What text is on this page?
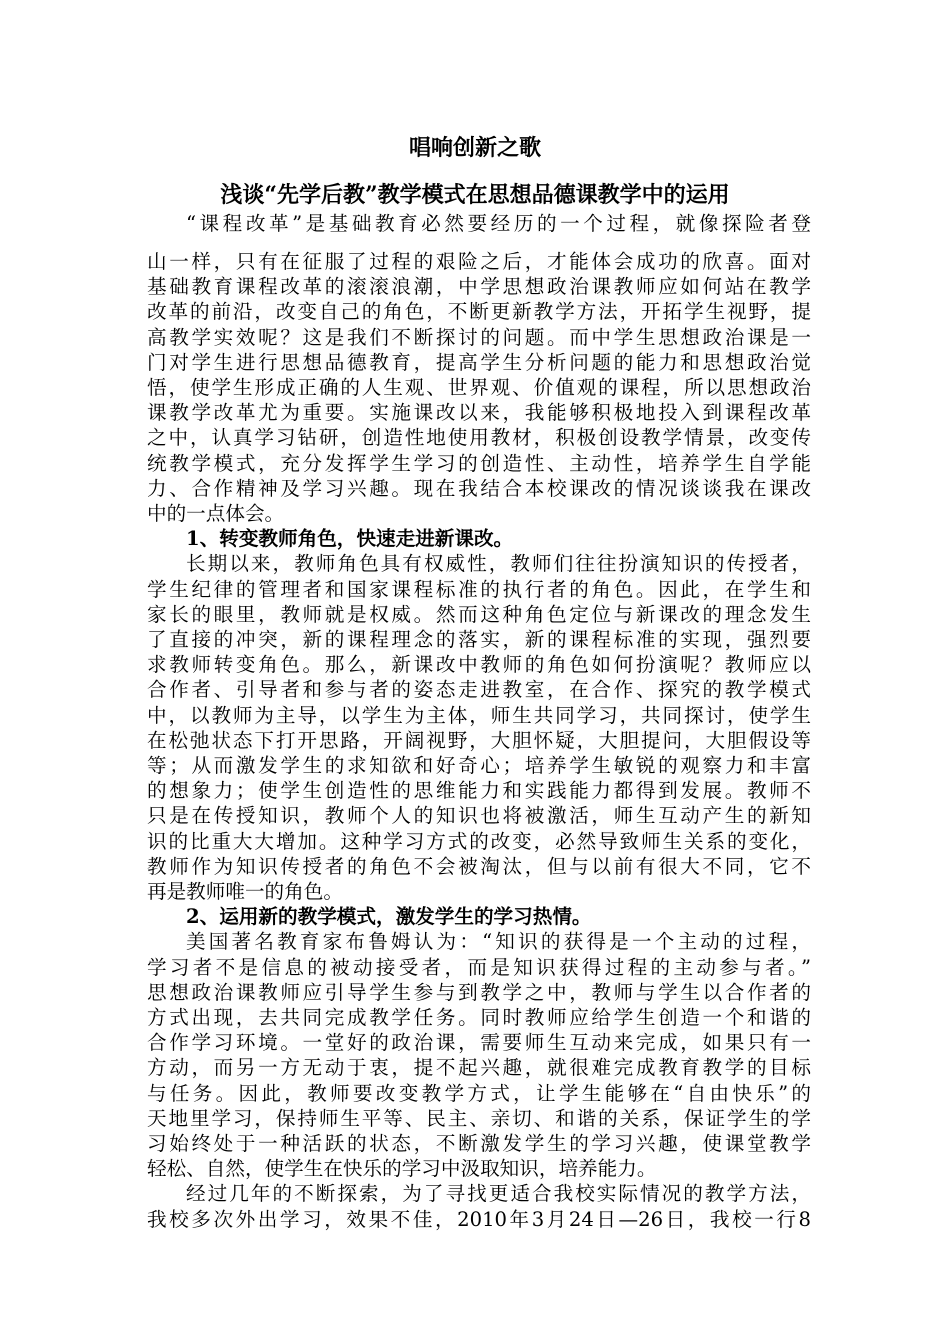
唱响创新之歌
浅谈“先学后教”教学模式在思想品德课教学中的运用
“课程改革”是基础教育必然要经历的一个过程，就像探险者登
山一样，只有在征服了过程的艰险之后，才能体会成功的欣喜。面对
基础教育课程改革的滚滚浪潮，中学思想政治课教师应如何站在教学
改革的前沿，改变自己的角色，不断更新教学方法，开拓学生视野，提
高教学实效呢？这是我们不断探讨的问题。而中学生思想政治课是一
门对学生进行思想品德教育，提高学生分析问题的能力和思想政治觉
悟，使学生形成正确的人生观、世界观、价值观的课程，所以思想政治
课教学改革尤为重要。实施课改以来，我能够积极地投入到课程改革
之中，认真学习钻研，创造性地使用教材，积极创设教学情景，改变传
统教学模式，充分发挥学生学习的创造性、主动性，培养学生自学能
力、合作精神及学习兴趣。现在我结合本校课改的情况谈谈我在课改
中的一点体会。
1、转变教师角色，快速走进新课改。
长期以来，教师角色具有权威性，教师们往往扮演知识的传授者，
学生纪律的管理者和国家课程标准的执行者的角色。因此，在学生和
家长的眼里，教师就是权威。然而这种角色定位与新课改的理念发生
了直接的冲突，新的课程理念的落实，新的课程标准的实现，强烈要
求教师转变角色。那么，新课改中教师的角色如何扮演呢？教师应以
合作者、引导者和参与者的姿态走进教室，在合作、探究的教学模式
中，以教师为主导，以学生为主体，师生共同学习，共同探讨，使学生
在松弛状态下打开思路，开阔视野，大胆怀疑，大胆提问，大胆假设等
等；从而激发学生的求知欲和好奇心；培养学生敏锐的观察力和丰富
的想象力；使学生创造性的思维能力和实践能力都得到发展。教师不
只是在传授知识，教师个人的知识也将被激活，师生互动产生的新知
识的比重大大增加。这种学习方式的改变，必然导致师生关系的变化，
教师作为知识传授者的角色不会被淘汰，但与以前有很大不同，它不
再是教师唯一的角色。
2、运用新的教学模式，激发学生的学习热情。
美国著名教育家布鲁姆认为：“知识的获得是一个主动的过程，
学习者不是信息的被动接受者，而是知识获得过程的主动参与者。”
思想政治课教师应引导学生参与到教学之中，教师与学生以合作者的
方式出现，去共同完成教学任务。同时教师应给学生创造一个和谐的
合作学习环境。一堂好的政治课，需要师生互动来完成，如果只有一
方动，而另一方无动于衷，提不起兴趣，就很难完成教育教学的目标
与任务。因此，教师要改变教学方式，让学生能够在“自由快乐”的
天地里学习，保持师生平等、民主、亲切、和谐的关系，保证学生的学
习始终处于一种活跃的状态，不断激发学生的学习兴趣，使课堂教学
轻松、自然，使学生在快乐的学习中汲取知识，培养能力。
经过几年的不断探索，为了寻找更适合我校实际情况的教学方法，
我校多次外出学习，效果不佳，2010年3月24日—26日，我校一行8
